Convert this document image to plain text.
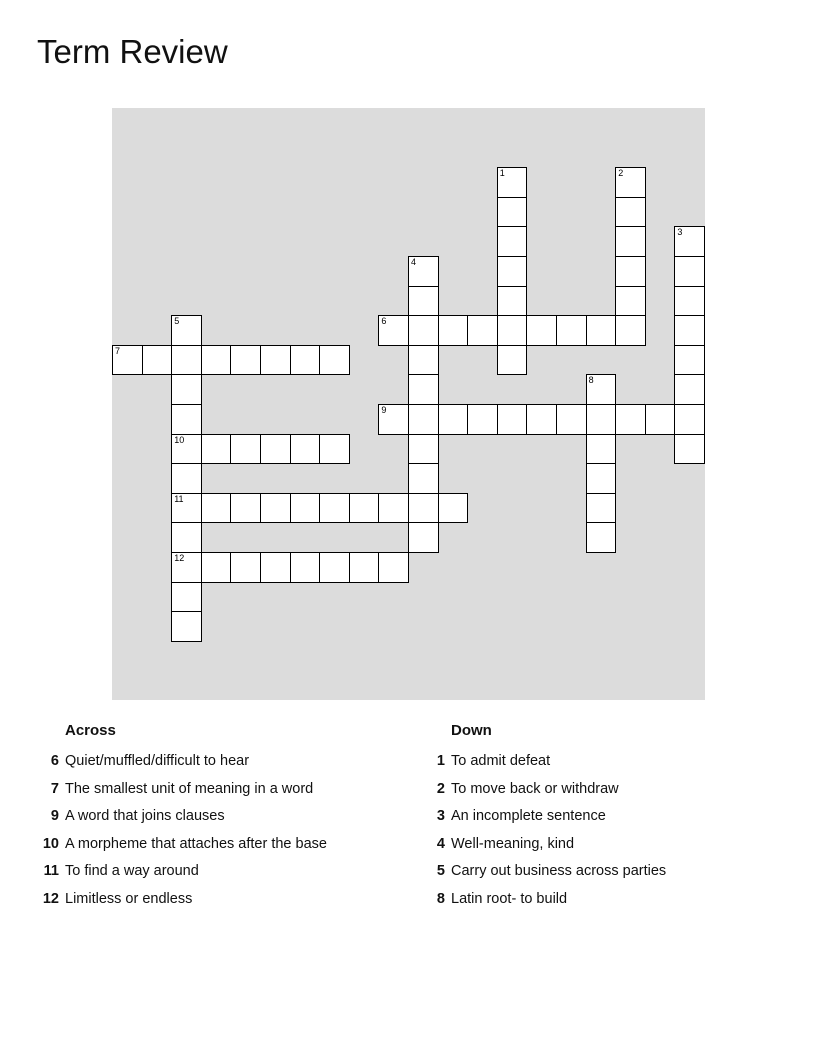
Term Review
1	2
3
4
5
10
11
12
6
7
8
9
Across
6 Quiet/muffled/difficult to hear
7 The smallest unit of meaning in a word
9 A word that joins clauses
10 A morpheme that attaches after the base
11 To find a way around
12 Limitless or endless
Down
1 To admit defeat
2 To move back or withdraw
3 An incomplete sentence
4 Well-meaning, kind
5 Carry out business across parties
8 Latin root- to build
